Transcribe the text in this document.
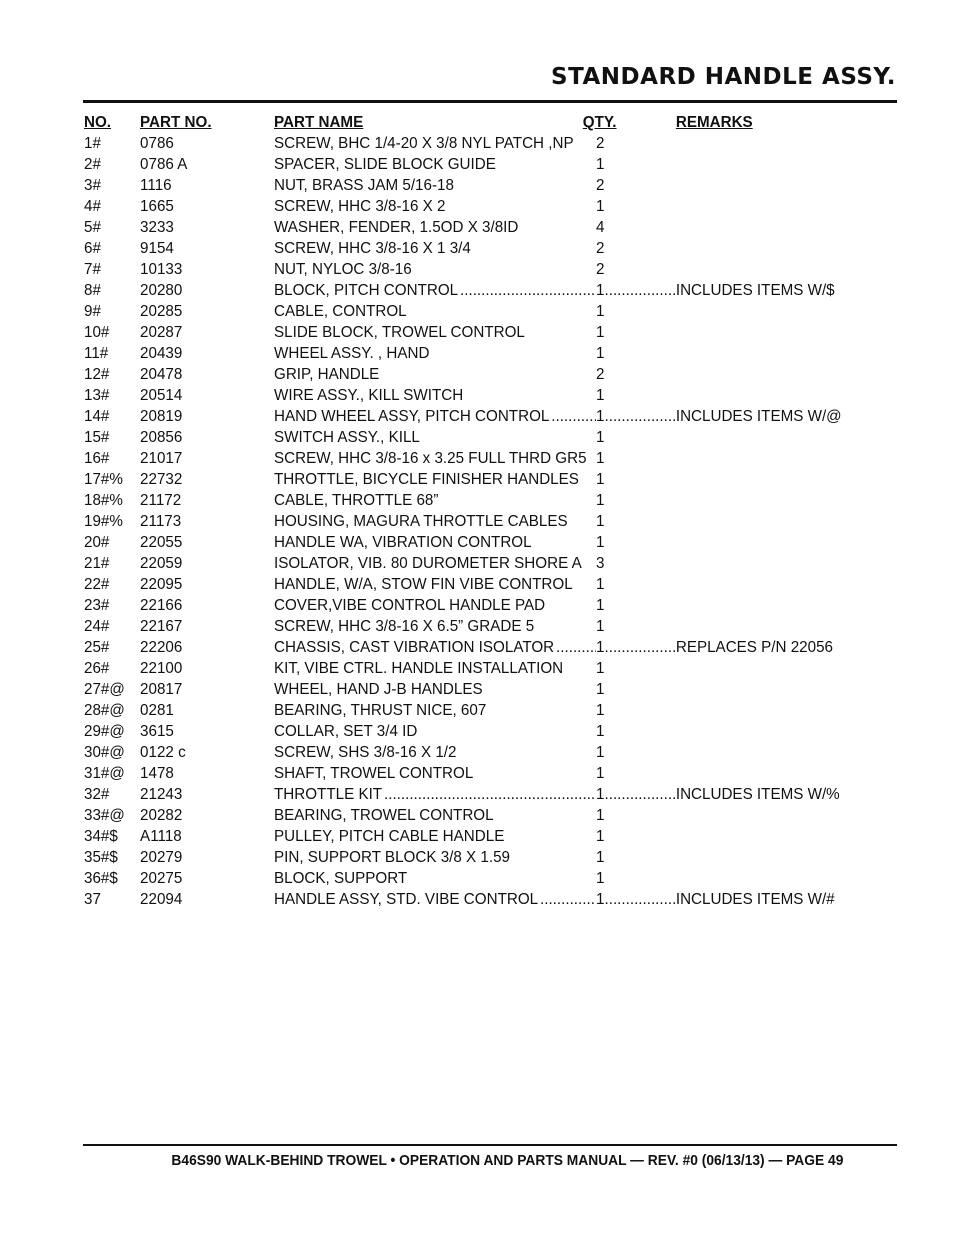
STANDARD HANDLE ASSY.
NO. PART NO.	PART NAME	QTY.	REMARKS
1# 0786	SCREW, BHC 1/4-20 X 3/8 NYL PATCH ,NP 2
2# 0786 A	SPACER, SLIDE BLOCK GUIDE	1
3# 1116	NUT, BRASS JAM 5/16-18	2
4# 1665	SCREW, HHC 3/8-16 X 2	1
5# 3233	WASHER, FENDER, 1.5OD X 3/8ID	4
6# 9154	SCREW, HHC 3/8-16 X 1 3/4	2
7# 10133	NUT, NYLOC 3/8-16	2
8# 20280	BLOCK, PITCH CONTROL .....	1 .....	INCLUDES ITEMS W/$
9# 20285	CABLE, CONTROL	1
10# 20287	SLIDE BLOCK, TROWEL CONTROL	1
11# 20439	WHEEL ASSY. , HAND	1
12# 20478	GRIP, HANDLE	2
13# 20514	WIRE ASSY., KILL SWITCH	1
14# 20819	HAND WHEEL ASSY, PITCH CONTROL .....	1 .....	INCLUDES ITEMS W/@
15# 20856	SWITCH ASSY., KILL	1
16# 21017	SCREW, HHC 3/8-16 x 3.25 FULL THRD GR5 1
17#% 22732	THROTTLE, BICYCLE FINISHER HANDLES 1
18#% 21172	CABLE, THROTTLE 68”	1
19#% 21173	HOUSING, MAGURA THROTTLE CABLES 1
20# 22055	HANDLE WA, VIBRATION CONTROL	1
21# 22059	ISOLATOR, VIB. 80 DUROMETER SHORE A 3
22# 22095	HANDLE, W/A, STOW FIN VIBE CONTROL 1
23# 22166	COVER,VIBE CONTROL HANDLE PAD	1
24# 22167	SCREW, HHC 3/8-16 X 6.5” GRADE 5	1
25# 22206	CHASSIS, CAST VIBRATION ISOLATOR .....	1 .....	REPLACES P/N 22056
26# 22100	KIT, VIBE CTRL. HANDLE INSTALLATION 1
27#@ 20817	WHEEL, HAND J-B HANDLES	1
28#@ 0281	BEARING, THRUST NICE, 607	1
29#@ 3615	COLLAR, SET 3/4 ID	1
30#@ 0122 c	SCREW, SHS 3/8-16 X 1/2	1
31#@ 1478	SHAFT, TROWEL CONTROL	1
32# 21243	THROTTLE KIT .....	1 .....	INCLUDES ITEMS W/%
33#@ 20282	BEARING, TROWEL CONTROL	1
34#$ A1118	PULLEY, PITCH CABLE HANDLE	1
35#$ 20279	PIN, SUPPORT BLOCK 3/8 X 1.59	1
36#$ 20275	BLOCK, SUPPORT	1
37 22094	HANDLE ASSY, STD. VIBE CONTROL .....	1 .....	INCLUDES ITEMS W/#
B46S90 WALK-BEHIND TROWEL • OPERATION AND PARTS MANUAL — REV. #0 (06/13/13) — PAGE 49
